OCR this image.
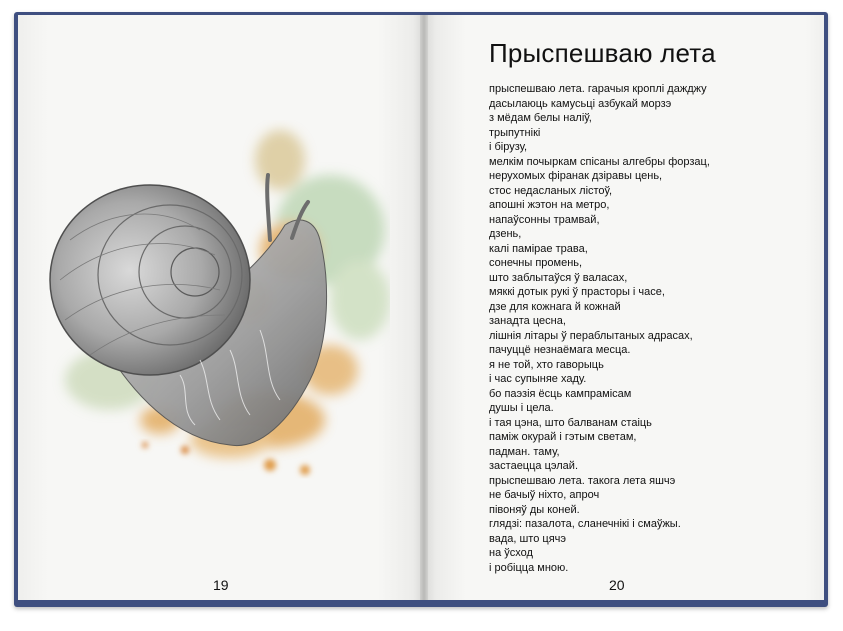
19	20
Прыспешваю лета
прыспешваю лета. гарачыя кроплі дажджу
дасылаюць камусьці азбукай морзэ
з мёдам белы наліў,
трыпутнікі
і бірузу,
мелкім почыркам спісаны алгебры форзац,
нерухомых фіранак дзіравы цень,
стос недасланых лістоў,
апошні жэтон на метро,
напаўсонны трамвай,
дзень,
калі паміраe трава,
сонечны промень,
што заблытаўся ў валасах,
мяккі дотык рукі ў прасторы і часе,
дзе для кожнага й кожнай
занадта цесна,
лішнія літары ў пераблытаных адрасах,
пачуццё незнаёмага месца.
я не той, хто гаворыць
і час супыняе хаду.
бо паэзія ёсць кампрамісам
душы і цела.
і тая цэна, што балванам стаіць
паміж окурай і гэтым светам,
падман. таму,
застаецца цэлай.
прыспешваю лета. такога лета яшчэ
не бачыў ніхто, апроч
півоняў ды коней.
глядзі: пазалота, сланечнікі і смаўжы.
вада, што цячэ
на ўсход
і робіцца мною.
